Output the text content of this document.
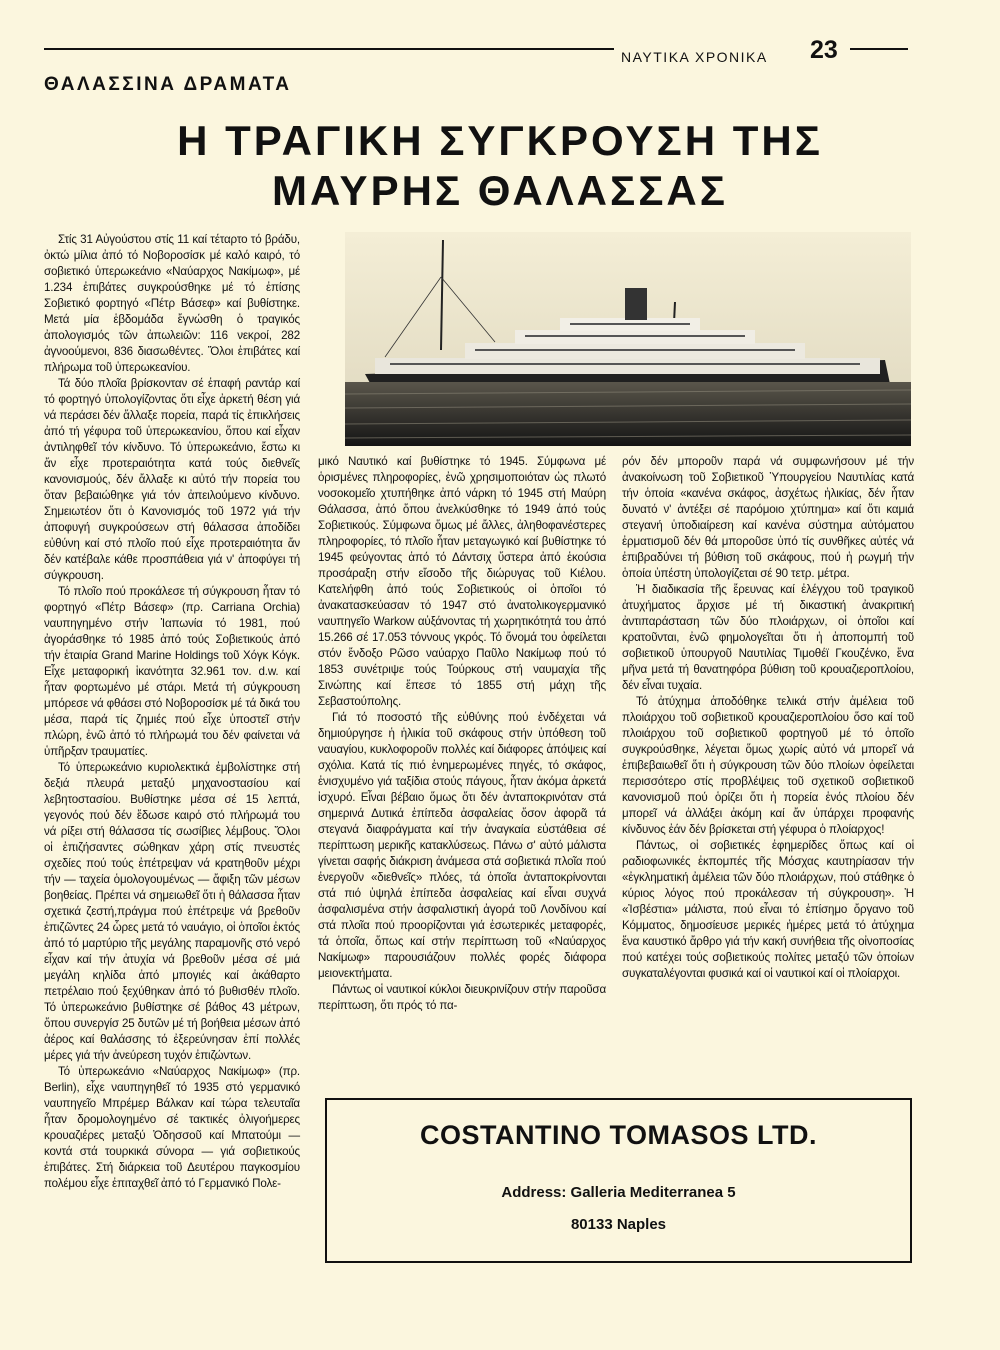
ΝΑΥΤΙΚΑ ΧΡΟΝΙΚΑ 23
ΘΑΛΑΣΣΙΝΑ ΔΡΑΜΑΤΑ
Η ΤΡΑΓΙΚΗ ΣΥΓΚΡΟΥΣΗ ΤΗΣ
ΜΑΥΡΗΣ ΘΑΛΑΣΣΑΣ

Στίς 31 Αὐγούστου στίς 11 καί τέταρτο τό βράδυ, ὀκτώ μίλια ἀπό τό Νοβοροσίσκ μέ καλό καιρό, τό σοβιετικό ὑπερωκεάνιο «Ναύαρχος Νακίμωφ», μέ 1.234 ἐπιβάτες συγκρούσθηκε μέ τό ἐπίσης Σοβιετικό φορτηγό «Πέτρ Βάσεφ» καί βυθίστηκε. Μετά μία ἑβδομάδα ἔγνώσθη ὁ τραγικός ἀπολογισμός τῶν ἀπωλειῶν: 116 νεκροί, 282 ἀγνοούμενοι, 836 διασωθέντες. Ὅλοι ἐπιβάτες καί πλήρωμα τοῦ ὑπερωκεανίου.

Τά δύο πλοῖα βρίσκονταν σέ ἐπαφή ραντάρ καί τό φορτηγό ὑπολογίζοντας ὅτι εἶχε ἀρκετή θέση γιά νά περάσει δέν ἄλλαξε πορεία, παρά τίς ἐπικλήσεις ἀπό τή γέφυρα τοῦ ὑπερωκεανίου, ὅπου καί εἶχαν ἀντιληφθεῖ τόν κίνδυνο. Τό ὑπερωκεάνιο, ἔστω κι ἄν εἶχε προτεραιότητα κατά τούς διεθνεῖς κανονισμούς, δέν ἄλλαξε κι αὐτό τήν πορεία του ὅταν βεβαιώθηκε γιά τόν ἀπειλούμενο κίνδυνο. Σημειωτέον ὅτι ὁ Κανονισμός τοῦ 1972 γιά τήν ἀποφυγή συγκρούσεων στή θάλασσα ἀποδίδει εὐθύνη καί στό πλοῖο πού εἶχε προτεραιότητα ἄν δέν κατέβαλε κάθε προσπάθεια γιά ν' ἀποφύγει τή σύγκρουση.

Τό πλοῖο πού προκάλεσε τή σύγκρουση ἦταν τό φορτηγό «Πέτρ Βάσεφ» (πρ. Carriana Orchia) ναυπηγημένο στήν Ἰαπωνία τό 1981, πού ἀγοράσθηκε τό 1985 ἀπό τούς Σοβιετικούς ἀπό τήν ἑταιρία Grand Marine Holdings τοῦ Χόγκ Κόγκ. Εἶχε μεταφορική ἱκανότητα 32.961 τον. d.w. καί ἦταν φορτωμένο μέ στάρι. Μετά τή σύγκρουση μπόρεσε νά φθάσει στό Νοβοροσίσκ μέ τά δικά του μέσα, παρά τίς ζημιές πού εἶχε ὑποστεῖ στήν πλώρη, ἐνῶ ἀπό τό πλήρωμά του δέν φαίνεται νά ὑπῆρξαν τραυματίες.

Τό ὑπερωκεάνιο κυριολεκτικά ἐμβολίστηκε στή δεξιά πλευρά μεταξύ μηχανοστασίου καί λεβητοστασίου. Βυθίστηκε μέσα σέ 15 λεπτά, γεγονός πού δέν ἔδωσε καιρό στό πλήρωμά του νά ρίξει στή θάλασσα τίς σωσίβιες λέμβους. Ὅλοι οἱ ἐπιζήσαντες σώθηκαν χάρη στίς πνευστές σχεδίες πού τούς ἐπέτρεψαν νά κρατηθοῦν μέχρι τήν — ταχεία ὁμολογουμένως — ἄφιξη τῶν μέσων βοηθείας. Πρέπει νά σημειωθεῖ ὅτι ἡ θάλασσα ἦταν σχετικά ζεστή,πράγμα πού ἐπέτρεψε νά βρεθοῦν ἐπιζῶντες 24 ὧρες μετά τό ναυάγιο, οἱ ὁποῖοι ἐκτός ἀπό τό μαρτύριο τῆς μεγάλης παραμονῆς στό νερό εἶχαν καί τήν ἀτυχία νά βρεθοῦν μέσα σέ μιά μεγάλη κηλίδα ἀπό μπογιές καί ἀκάθαρτο πετρέλαιο πού ξεχύθηκαν ἀπό τό βυθισθέν πλοῖο. Τό ὑπερωκεάνιο βυθίστηκε σέ βάθος 43 μέτρων, ὅπου συνεργίσ 25 δυτῶν μέ τή βοήθεια μέσων ἀπό ἀέρος καί θαλάσσης τό ἐξερεύνησαν ἐπί πολλές μέρες γιά τήν ἀνεύρεση τυχόν ἐπιζώντων.

Τό ὑπερωκεάνιο «Ναύαρχος Νακίμωφ» (πρ. Berlin), εἶχε ναυπηγηθεῖ τό 1935 στό γερμανικό ναυπηγεῖο Μπρέμερ Βάλκαν καί τώρα τελευταῖα ἦταν δρομολογημένο σέ τακτικές ὀλιγοήμερες κρουαζιέρες μεταξύ Ὀδησσοῦ καί Μπατούμι — κοντά στά τουρκικά σύνορα — γιά σοβιετικούς ἐπιβάτες. Στή διάρκεια τοῦ Δευτέρου παγκοσμίου πολέμου εἶχε ἐπιταχθεῖ ἀπό τό Γερμανικό Πολε-

μικό Ναυτικό καί βυθίστηκε τό 1945. Σύμφωνα μέ ὁρισμένες πληροφορίες, ἐνῶ χρησιμοποιόταν ὡς πλωτό νοσοκομεῖο χτυπήθηκε ἀπό νάρκη τό 1945 στή Μαύρη Θάλασσα, ἀπό ὅπου ἀνελκύσθηκε τό 1949 ἀπό τούς Σοβιετικούς. Σύμφωνα ὅμως μέ ἄλλες, ἀληθοφανέστερες πληροφορίες, τό πλοῖο ἦταν μεταγωγικό καί βυθίστηκε τό 1945 φεύγοντας ἀπό τό Δάντσιχ ὕστερα ἀπό ἑκούσια προσάραξη στήν εἴσοδο τῆς διώρυγας τοῦ Κιέλου. Κατελήφθη ἀπό τούς Σοβιετικούς οἱ ὁποῖοι τό ἀνακατασκεύασαν τό 1947 στό ἀνατολικογερμανικό ναυπηγεῖο Warkow αὐξάνοντας τή χωρητικότητά του ἀπό 15.266 σέ 17.053 τόννους γκρός. Τό ὄνομά του ὀφείλεται στόν ἔνδοξο Ρῶσο ναύαρχο Παῦλο Νακίμωφ πού τό 1853 συνέτριψε τούς Τούρκους στή ναυμαχία τῆς Σινώπης καί ἔπεσε τό 1855 στή μάχη τῆς Σεβαστούπολης.

Γιά τό ποσοστό τῆς εὐθύνης πού ἐνδέχεται νά δημιούργησε ἡ ἡλικία τοῦ σκάφους στήν ὑπόθεση τοῦ ναυαγίου, κυκλοφοροῦν πολλές καί διάφορες ἀπόψεις καί σχόλια. Κατά τίς πιό ἐνημερωμένες πηγές, τό σκάφος, ἐνισχυμένο γιά ταξίδια στούς πάγους, ἦταν ἀκόμα ἀρκετά ἰσχυρό. Εἶναι βέβαιο ὅμως ὅτι δέν ἀνταποκρινόταν στά σημερινά Δυτικά ἐπίπεδα ἀσφαλείας ὅσον ἀφορᾶ τά στεγανά διαφράγματα καί τήν ἀναγκαία εὐστάθεια σέ περίπτωση μερικῆς κατακλύσεως. Πάνω σ' αὐτό μάλιστα γίνεται σαφής διάκριση ἀνάμεσα στά σοβιετικά πλοῖα πού ἐνεργοῦν «διεθνεῖς» πλόες, τά ὁποῖα ἀνταποκρίνονται στά πιό ὑψηλά ἐπίπεδα ἀσφαλείας καί εἶναι συχνά ἀσφαλισμένα στήν ἀσφαλιστική ἀγορά τοῦ Λονδίνου καί στά πλοῖα πού προορίζονται γιά ἐσωτερικές μεταφορές, τά ὁποῖα, ὅπως καί στήν περίπτωση τοῦ «Ναύαρχος Νακίμωφ» παρουσιάζουν πολλές φορές διάφορα μειονεκτήματα.

Πάντως οἱ ναυτικοί κύκλοι διευκρινίζουν στήν παροῦσα περίπτωση, ὅτι πρός τό πα-

ρόν δέν μποροῦν παρά νά συμφωνήσουν μέ τήν ἀνακοίνωση τοῦ Σοβιετικοῦ Ὑπουργείου Ναυτιλίας κατά τήν ὁποία «κανένα σκάφος, ἀσχέτως ἡλικίας, δέν ἦταν δυνατό ν' ἀντέξει σέ παρόμοιο χτύπημα» καί ὅτι καμιά στεγανή ὑποδιαίρεση καί κανένα σύστημα αὐτόματου ἐρματισμοῦ δέν θά μποροῦσε ὑπό τίς συνθῆκες αὐτές νά ἐπιβραδύνει τή βύθιση τοῦ σκάφους, πού ἡ ρωγμή τήν ὁποία ὑπέστη ὑπολογίζεται σέ 90 τετρ. μέτρα.

Ἡ διαδικασία τῆς ἔρευνας καί ἐλέγχου τοῦ τραγικοῦ ἀτυχήματος ἄρχισε μέ τή δικαστική ἀνακριτική ἀντιπαράσταση τῶν δύο πλοιάρχων, οἱ ὁποῖοι καί κρατοῦνται, ἐνῶ φημολογεῖται ὅτι ἡ ἀποπομπή τοῦ σοβιετικοῦ ὑπουργοῦ Ναυτιλίας Τιμοθέϊ Γκουζένκο, ἕνα μῆνα μετά τή θανατηφόρα βύθιση τοῦ κρουαζιεροπλοίου, δέν εἶναι τυχαία.

Τό ἀτύχημα ἀποδόθηκε τελικά στήν ἀμέλεια τοῦ πλοιάρχου τοῦ σοβιετικοῦ κρουαζιεροπλοίου ὅσο καί τοῦ πλοιάρχου τοῦ σοβιετικοῦ φορτηγοῦ μέ τό ὁποῖο συγκρούσθηκε, λέγεται ὅμως χωρίς αὐτό νά μπορεῖ νά ἐπιβεβαιωθεῖ ὅτι ἡ σύγκρουση τῶν δύο πλοίων ὀφείλεται περισσότερο στίς προβλέψεις τοῦ σχετικοῦ σοβιετικοῦ κανονισμοῦ πού ὁρίζει ὅτι ἡ πορεία ἑνός πλοίου δέν μπορεῖ νά ἀλλάξει ἀκόμη καί ἄν ὑπάρχει προφανής κίνδυνος ἐάν δέν βρίσκεται στή γέφυρα ὁ πλοίαρχος!

Πάντως, οἱ σοβιετικές ἐφημερίδες ὅπως καί οἱ ραδιοφωνικές ἐκπομπές τῆς Μόσχας καυτηρίασαν τήν «ἐγκληματική ἀμέλεια τῶν δύο πλοιάρχων, πού στάθηκε ὁ κύριος λόγος πού προκάλεσαν τή σύγκρουση». Ἡ «Ἰσβέστια» μάλιστα, πού εἶναι τό ἐπίσημο ὄργανο τοῦ Κόμματος, δημοσίευσε μερικές ἡμέρες μετά τό ἀτύχημα ἕνα καυστικό ἄρθρο γιά τήν κακή συνήθεια τῆς οἰνοποσίας πού κατέχει τούς σοβιετικούς πολίτες μεταξύ τῶν ὁποίων συγκαταλέγονται φυσικά καί οἱ ναυτικοί καί οἱ πλοίαρχοι.

COSTANTINO TOMASOS LTD.
Address: Galleria Mediterranea 5
80133 Naples
